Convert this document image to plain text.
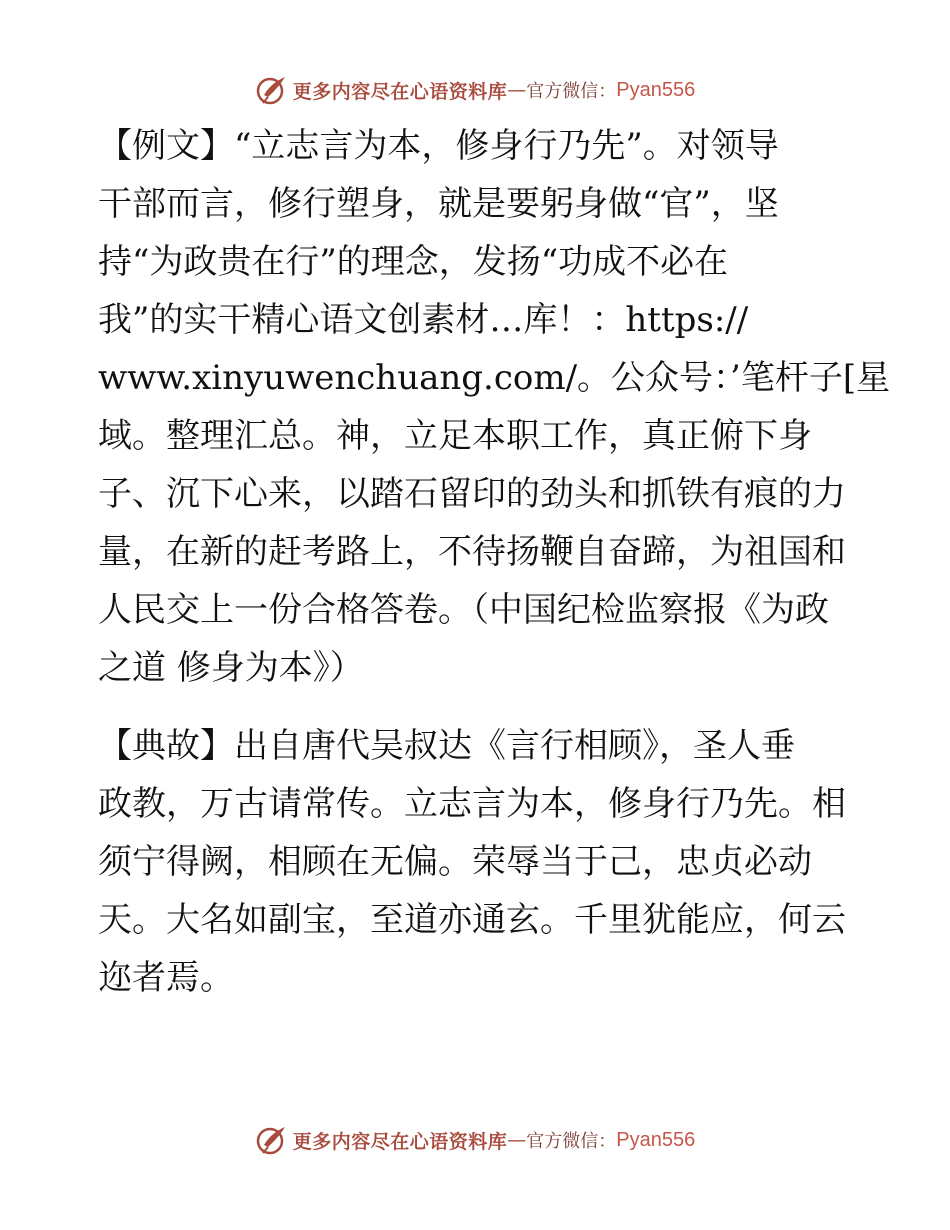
更多内容尽在心语资料库 — 官方微信： Pyan556
【例文】“立志言为本，修身行乃先”。对领导
干部而言，修行塑身，就是要躬身做“官”，坚
持“为政贵在行”的理念，发扬“功成不必在
我”的实干精心语文创素材…库！：https://
www.xinyuwenchuang.com/。公众号：’笔杆子[星
域。整理汇总。神，立足本职工作，真正俯下身
子、沉下心来，以踏石留印的劲头和抓铁有痕的力
量，在新的赶考路上，不待扬鞭自奋蹄，为祖国和
人民交上一份合格答卷。（中国纪检监察报《为政
之道 修身为本》）
【典故】出自唐代吴叔达《言行相顾》，圣人垂
政教，万古请常传。立志言为本，修身行乃先。相
须宁得阙，相顾在无偏。荣辱当于己，忠贞必动
天。大名如副宝，至道亦通玄。千里犹能应，何云
迩者焉。
更多内容尽在心语资料库 — 官方微信： Pyan556
